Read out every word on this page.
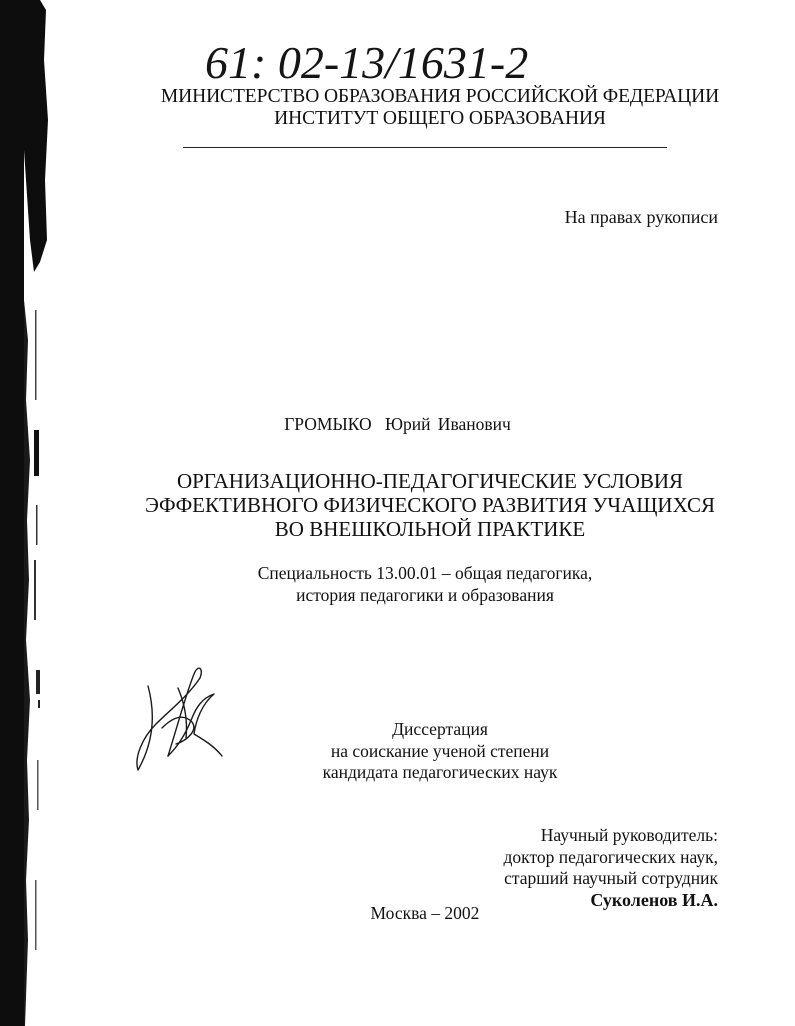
61: 02-13/1631-2
МИНИСТЕРСТВО ОБРАЗОВАНИЯ РОССИЙСКОЙ ФЕДЕРАЦИИ
ИНСТИТУТ ОБЩЕГО ОБРАЗОВАНИЯ
На правах рукописи
ГРОМЫКО Юрий Иванович
ОРГАНИЗАЦИОННО-ПЕДАГОГИЧЕСКИЕ УСЛОВИЯ
ЭФФЕКТИВНОГО ФИЗИЧЕСКОГО РАЗВИТИЯ УЧАЩИХСЯ
ВО ВНЕШКОЛЬНОЙ ПРАКТИКЕ
Специальность 13.00.01 – общая педагогика,
история педагогики и образования
Диссертация
на соискание ученой степени
кандидата педагогических наук
Научный руководитель:
доктор педагогических наук,
старший научный сотрудник
Суколенов И.А.
Москва – 2002
